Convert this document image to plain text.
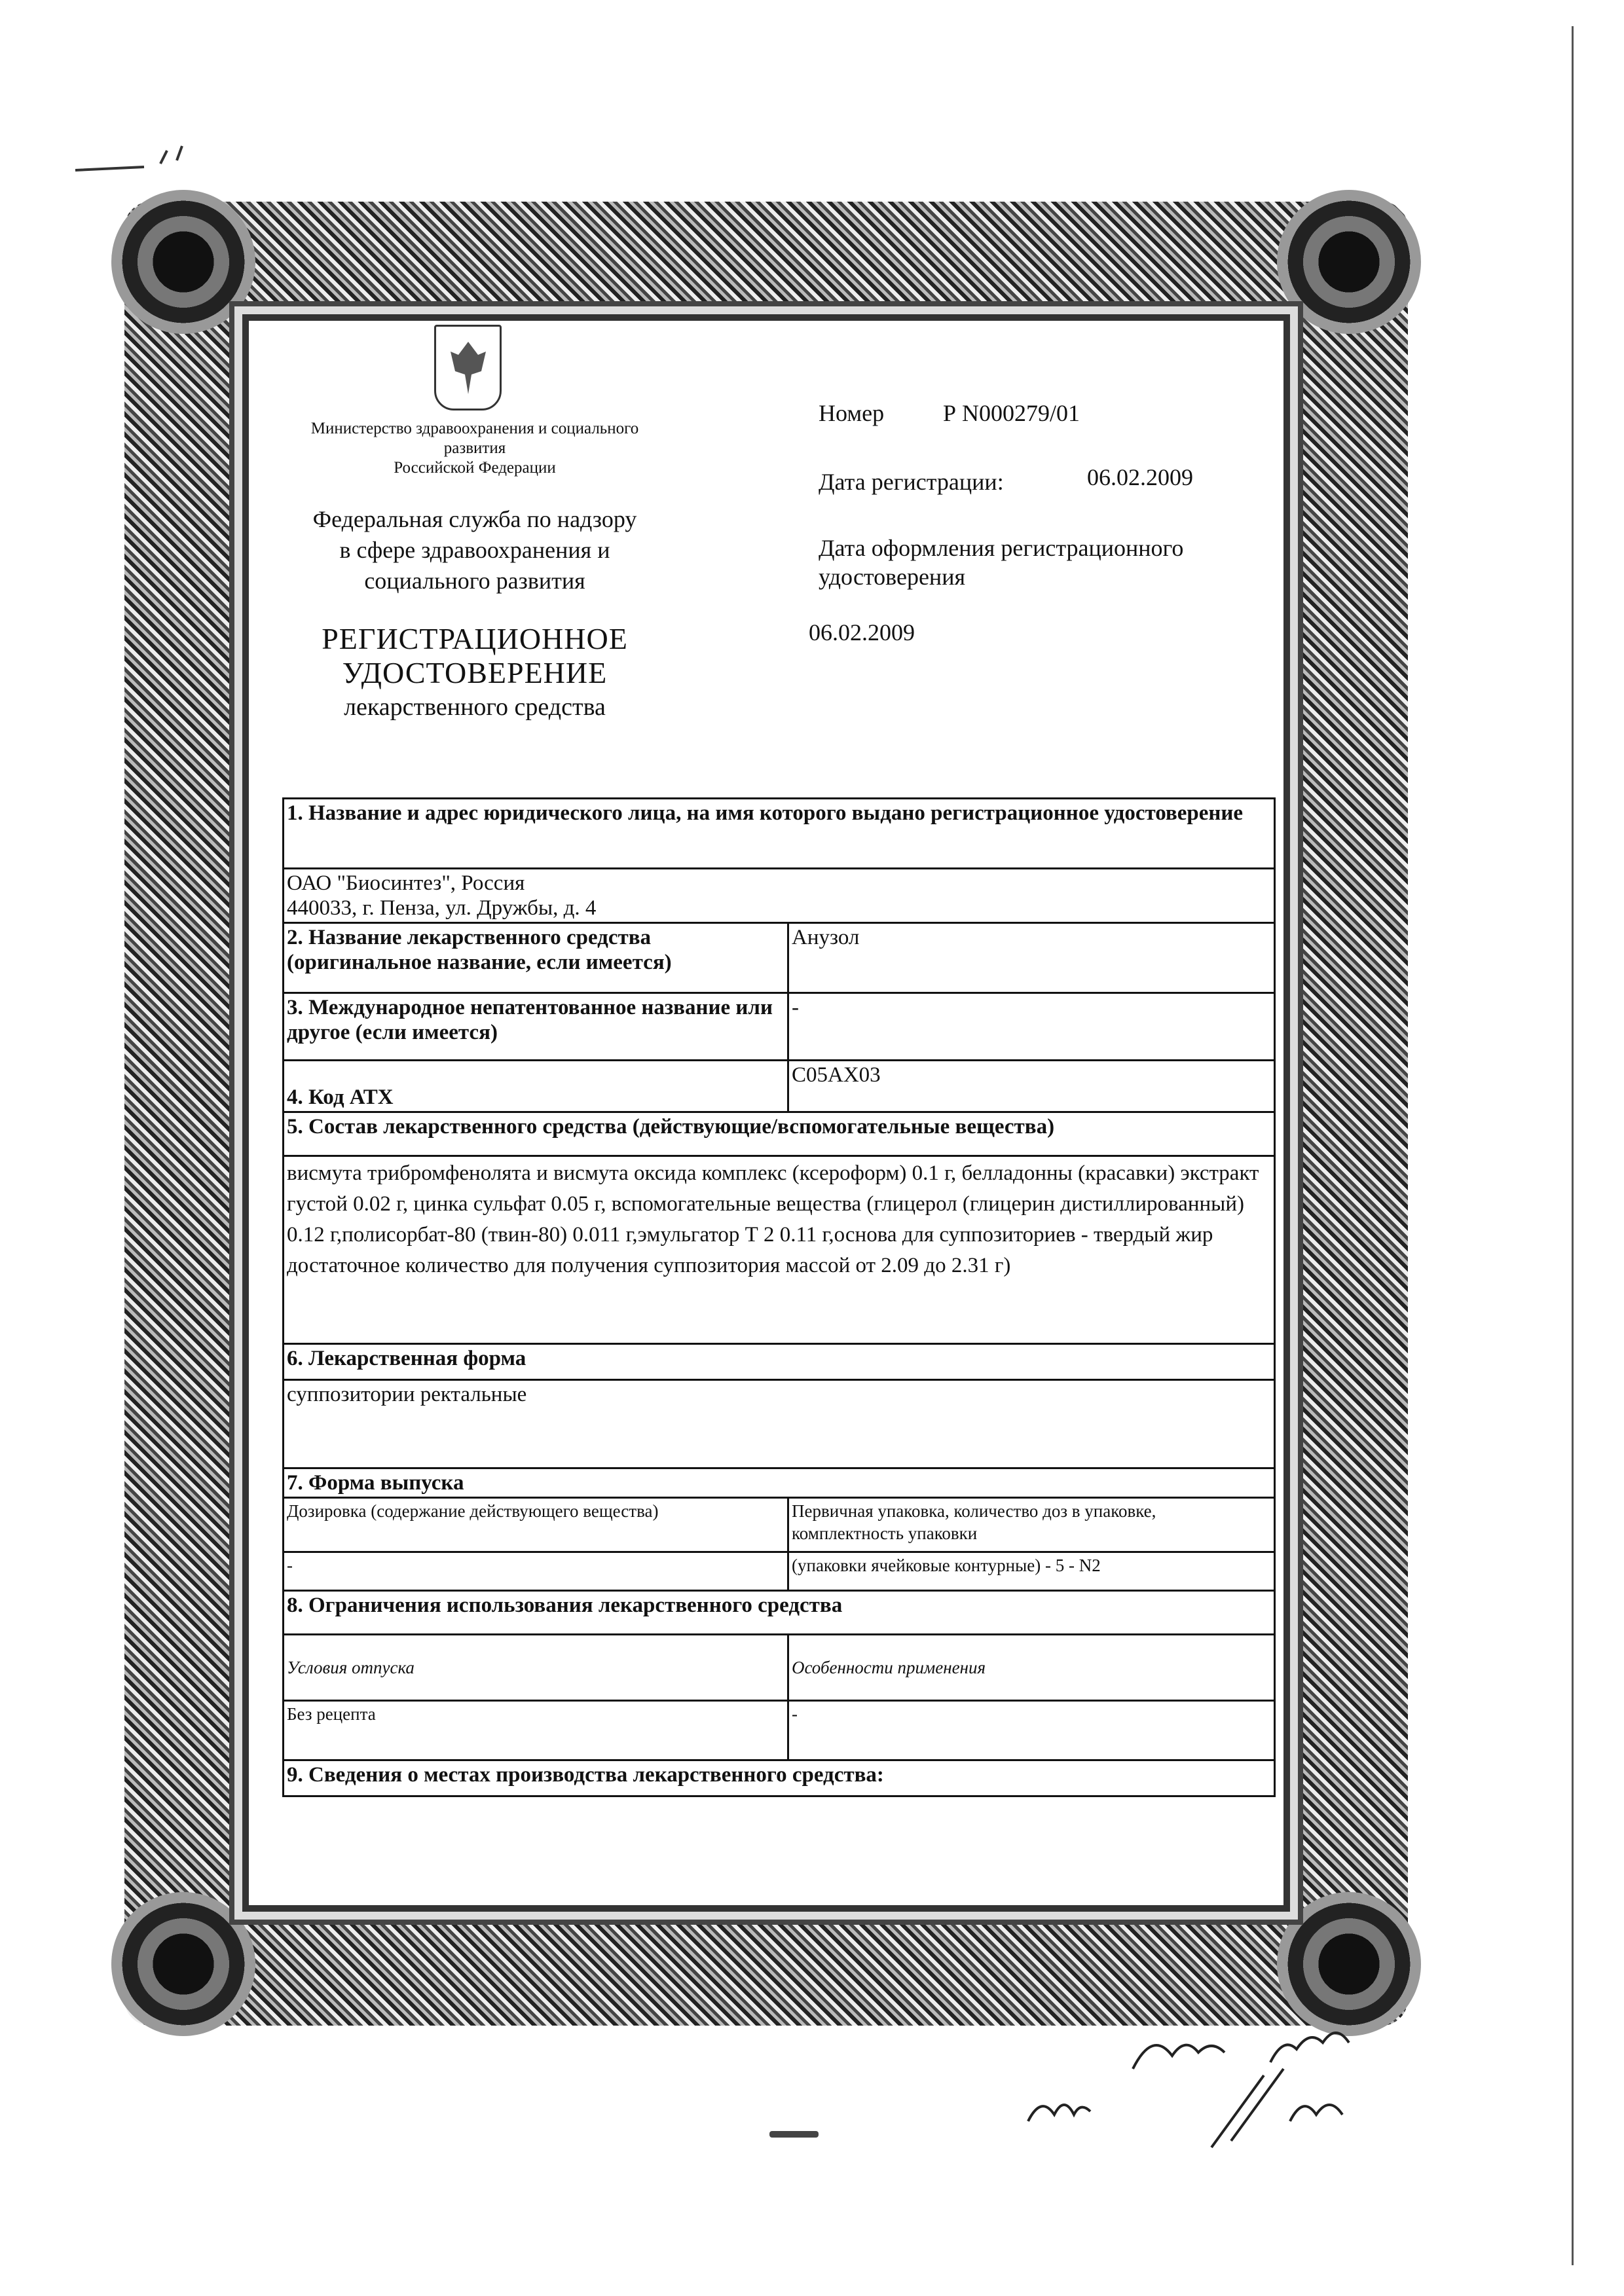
Министерство здравоохранения и социального
развития
Российской Федерации
Федеральная служба по надзору
в сфере здравоохранения и
социального развития
РЕГИСТРАЦИОННОЕ
УДОСТОВЕРЕНИЕ
лекарственного средства
Номер Р N000279/01
Дата регистрации:	06.02.2009
Дата оформления регистрационного
удостоверения
06.02.2009
1. Название и адрес юридического лица, на имя которого выдано регистрационное удостоверение	

ОАО "Биосинтез", Россия
440033, г. Пенза, ул. Дружбы, д. 4	

2. Название лекарственного средства (оригинальное название, если имеется)	Анузол
3. Международное непатентованное название или другое (если имеется)	-
4. Код АТХ	C05AX03
5. Состав лекарственного средства (действующие/вспомогательные вещества)	
висмута трибромфенолята и висмута оксида комплекс (ксероформ) 0.1 г, белладонны (красавки) экстракт густой 0.02 г, цинка сульфат 0.05 г, вспомогательные вещества (глицерол (глицерин дистиллированный) 0.12 г,полисорбат-80 (твин-80) 0.011 г,эмульгатор Т 2 0.11 г,основа для суппозиториев - твердый жир достаточное количество для получения суппозитория массой от 2.09 до 2.31 г)	
6. Лекарственная форма	
суппозитории ректальные	
7. Форма выпуска	
Дозировка (содержание действующего вещества)	Первичная упаковка, количество доз в упаковке, комплектность упаковки
-	(упаковки ячейковые контурные) - 5 - N2
8. Ограничения использования лекарственного средства	
Условия отпуска	Особенности применения
Без рецепта	-
9. Сведения о местах производства лекарственного средства:	
